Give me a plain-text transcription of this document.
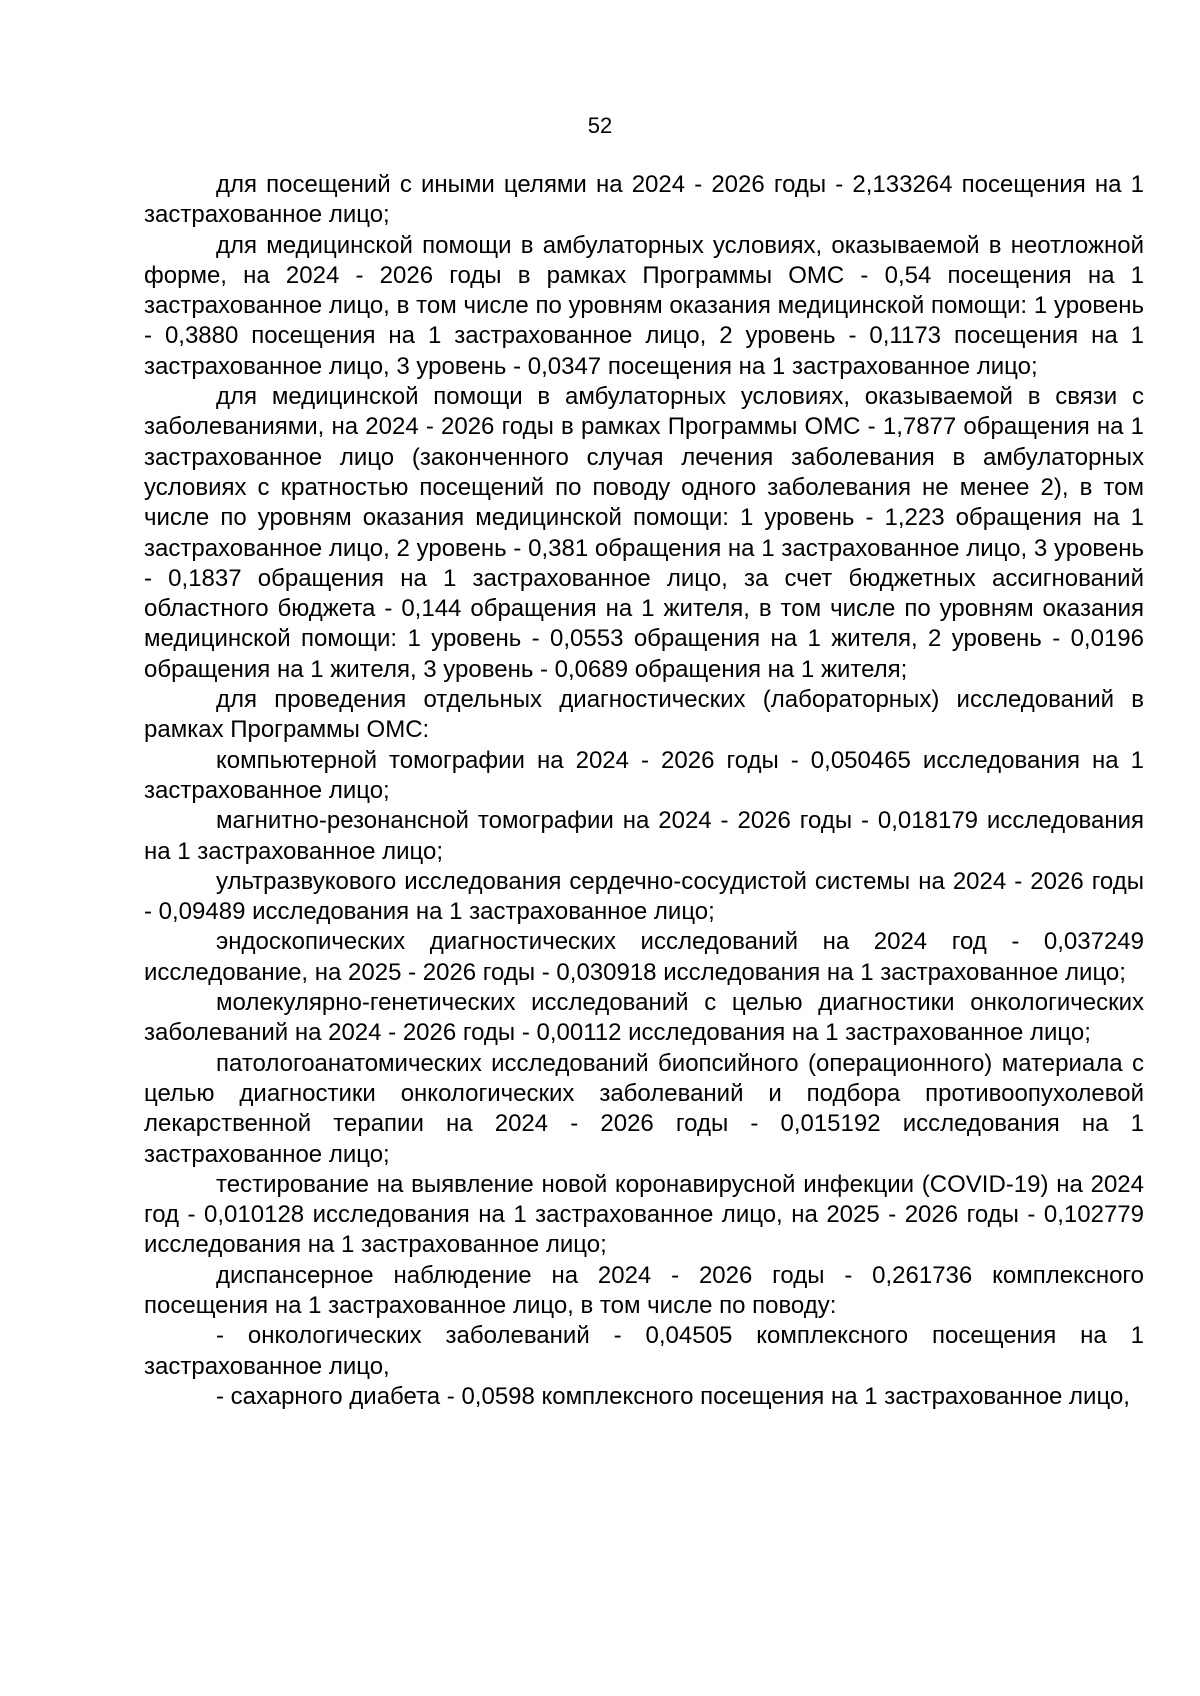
52

для посещений с иными целями на 2024 - 2026 годы - 2,133264 посещения на 1 застрахованное лицо;

для медицинской помощи в амбулаторных условиях, оказываемой в неотложной форме, на 2024 - 2026 годы в рамках Программы ОМС - 0,54 посещения на 1 застрахованное лицо, в том числе по уровням оказания медицинской помощи: 1 уровень - 0,3880 посещения на 1 застрахованное лицо, 2 уровень - 0,1173 посещения на 1 застрахованное лицо, 3 уровень - 0,0347 посещения на 1 застрахованное лицо;

для медицинской помощи в амбулаторных условиях, оказываемой в связи с заболеваниями, на 2024 - 2026 годы в рамках Программы ОМС - 1,7877 обращения на 1 застрахованное лицо (законченного случая лечения заболевания в амбулаторных условиях с кратностью посещений по поводу одного заболевания не менее 2), в том числе по уровням оказания медицинской помощи: 1 уровень - 1,223 обращения на 1 застрахованное лицо, 2 уровень - 0,381 обращения на 1 застрахованное лицо, 3 уровень - 0,1837 обращения на 1 застрахованное лицо, за счет бюджетных ассигнований областного бюджета - 0,144 обращения на 1 жителя, в том числе по уровням оказания медицинской помощи: 1 уровень - 0,0553 обращения на 1 жителя, 2 уровень - 0,0196 обращения на 1 жителя, 3 уровень - 0,0689 обращения на 1 жителя;

для проведения отдельных диагностических (лабораторных) исследований в рамках Программы ОМС:

компьютерной томографии на 2024 - 2026 годы - 0,050465 исследования на 1 застрахованное лицо;

магнитно-резонансной томографии на 2024 - 2026 годы - 0,018179 исследования на 1 застрахованное лицо;

ультразвукового исследования сердечно-сосудистой системы на 2024 - 2026 годы - 0,09489 исследования на 1 застрахованное лицо;

эндоскопических диагностических исследований на 2024 год - 0,037249 исследование, на 2025 - 2026 годы - 0,030918 исследования на 1 застрахованное лицо;

молекулярно-генетических исследований с целью диагностики онкологических заболеваний на 2024 - 2026 годы - 0,00112 исследования на 1 застрахованное лицо;

патологоанатомических исследований биопсийного (операционного) материала с целью диагностики онкологических заболеваний и подбора противоопухолевой лекарственной терапии на 2024 - 2026 годы - 0,015192 исследования на 1 застрахованное лицо;

тестирование на выявление новой коронавирусной инфекции (COVID-19) на 2024 год - 0,010128 исследования на 1 застрахованное лицо, на 2025 - 2026 годы - 0,102779 исследования на 1 застрахованное лицо;

диспансерное наблюдение на 2024 - 2026 годы - 0,261736 комплексного посещения на 1 застрахованное лицо, в том числе по поводу:

- онкологических заболеваний - 0,04505 комплексного посещения на 1 застрахованное лицо,

- сахарного диабета - 0,0598 комплексного посещения на 1 застрахованное лицо,
